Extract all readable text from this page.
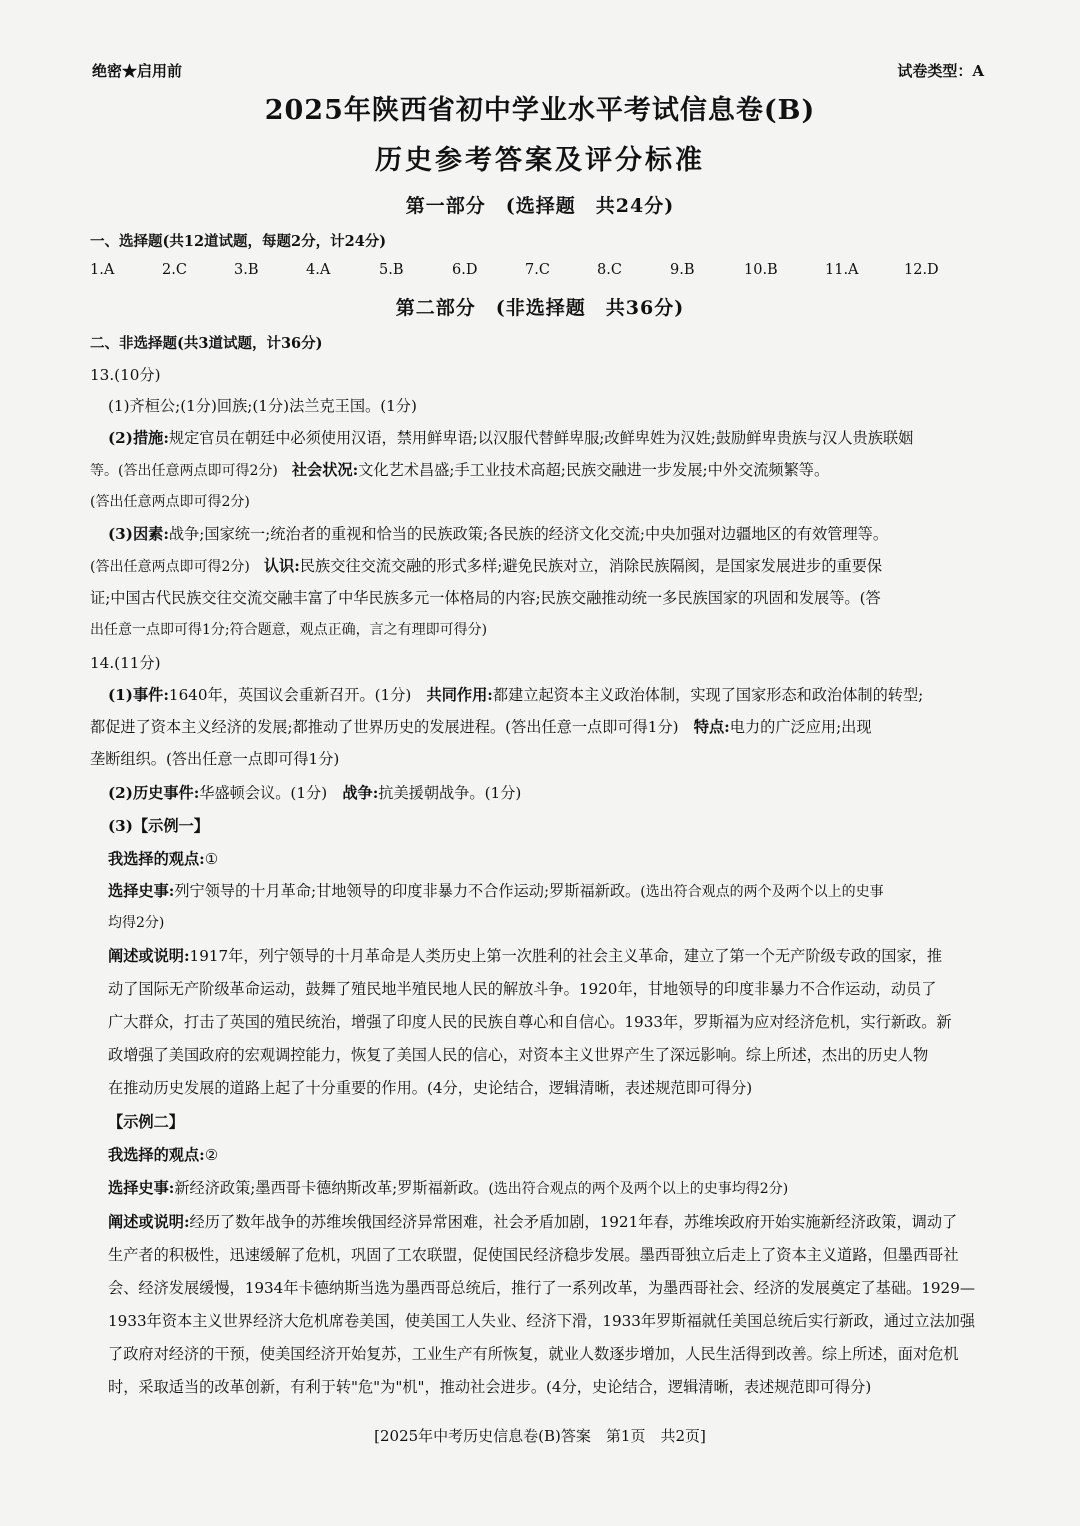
绝密★启用前	试卷类型：A
2025年陕西省初中学业水平考试信息卷(B)
历史参考答案及评分标准
第一部分　(选择题　共24分)
一、选择题(共12道试题，每题2分，计24分)
1.A	2.C	3.B	4.A	5.B	6.D	7.C	8.C	9.B	10.B	11.A	12.D
第二部分　(非选择题　共36分)
二、非选择题(共3道试题，计36分)
13.(10分)
(1)齐桓公;(1分)回族;(1分)法兰克王国。(1分)
(2)措施:规定官员在朝廷中必须使用汉语，禁用鲜卑语;以汉服代替鲜卑服;改鲜卑姓为汉姓;鼓励鲜卑贵族与汉人贵族联姻
等。(答出任意两点即可得2分)　社会状况:文化艺术昌盛;手工业技术高超;民族交融进一步发展;中外交流频繁等。
(答出任意两点即可得2分)
(3)因素:战争;国家统一;统治者的重视和恰当的民族政策;各民族的经济文化交流;中央加强对边疆地区的有效管理等。
(答出任意两点即可得2分)　认识:民族交往交流交融的形式多样;避免民族对立，消除民族隔阂，是国家发展进步的重要保
证;中国古代民族交往交流交融丰富了中华民族多元一体格局的内容;民族交融推动统一多民族国家的巩固和发展等。(答
出任意一点即可得1分;符合题意，观点正确，言之有理即可得分)
14.(11分)
(1)事件:1640年，英国议会重新召开。(1分)　共同作用:都建立起资本主义政治体制，实现了国家形态和政治体制的转型;
都促进了资本主义经济的发展;都推动了世界历史的发展进程。(答出任意一点即可得1分)　特点:电力的广泛应用;出现
垄断组织。(答出任意一点即可得1分)
(2)历史事件:华盛顿会议。(1分)　战争:抗美援朝战争。(1分)
(3)【示例一】
我选择的观点:①
选择史事:列宁领导的十月革命;甘地领导的印度非暴力不合作运动;罗斯福新政。(选出符合观点的两个及两个以上的史事
均得2分)
阐述或说明:1917年，列宁领导的十月革命是人类历史上第一次胜利的社会主义革命，建立了第一个无产阶级专政的国家，推
动了国际无产阶级革命运动，鼓舞了殖民地半殖民地人民的解放斗争。1920年，甘地领导的印度非暴力不合作运动，动员了
广大群众，打击了英国的殖民统治，增强了印度人民的民族自尊心和自信心。1933年，罗斯福为应对经济危机，实行新政。新
政增强了美国政府的宏观调控能力，恢复了美国人民的信心，对资本主义世界产生了深远影响。综上所述，杰出的历史人物
在推动历史发展的道路上起了十分重要的作用。(4分，史论结合，逻辑清晰，表述规范即可得分)
【示例二】
我选择的观点:②
选择史事:新经济政策;墨西哥卡德纳斯改革;罗斯福新政。(选出符合观点的两个及两个以上的史事均得2分)
阐述或说明:经历了数年战争的苏维埃俄国经济异常困难，社会矛盾加剧，1921年春，苏维埃政府开始实施新经济政策，调动了
生产者的积极性，迅速缓解了危机，巩固了工农联盟，促使国民经济稳步发展。墨西哥独立后走上了资本主义道路，但墨西哥社
会、经济发展缓慢，1934年卡德纳斯当选为墨西哥总统后，推行了一系列改革，为墨西哥社会、经济的发展奠定了基础。1929—
1933年资本主义世界经济大危机席卷美国，使美国工人失业、经济下滑，1933年罗斯福就任美国总统后实行新政，通过立法加强
了政府对经济的干预，使美国经济开始复苏，工业生产有所恢复，就业人数逐步增加，人民生活得到改善。综上所述，面对危机
时，采取适当的改革创新，有利于转"危"为"机"，推动社会进步。(4分，史论结合，逻辑清晰，表述规范即可得分)
[2025年中考历史信息卷(B)答案　第1页　共2页]
